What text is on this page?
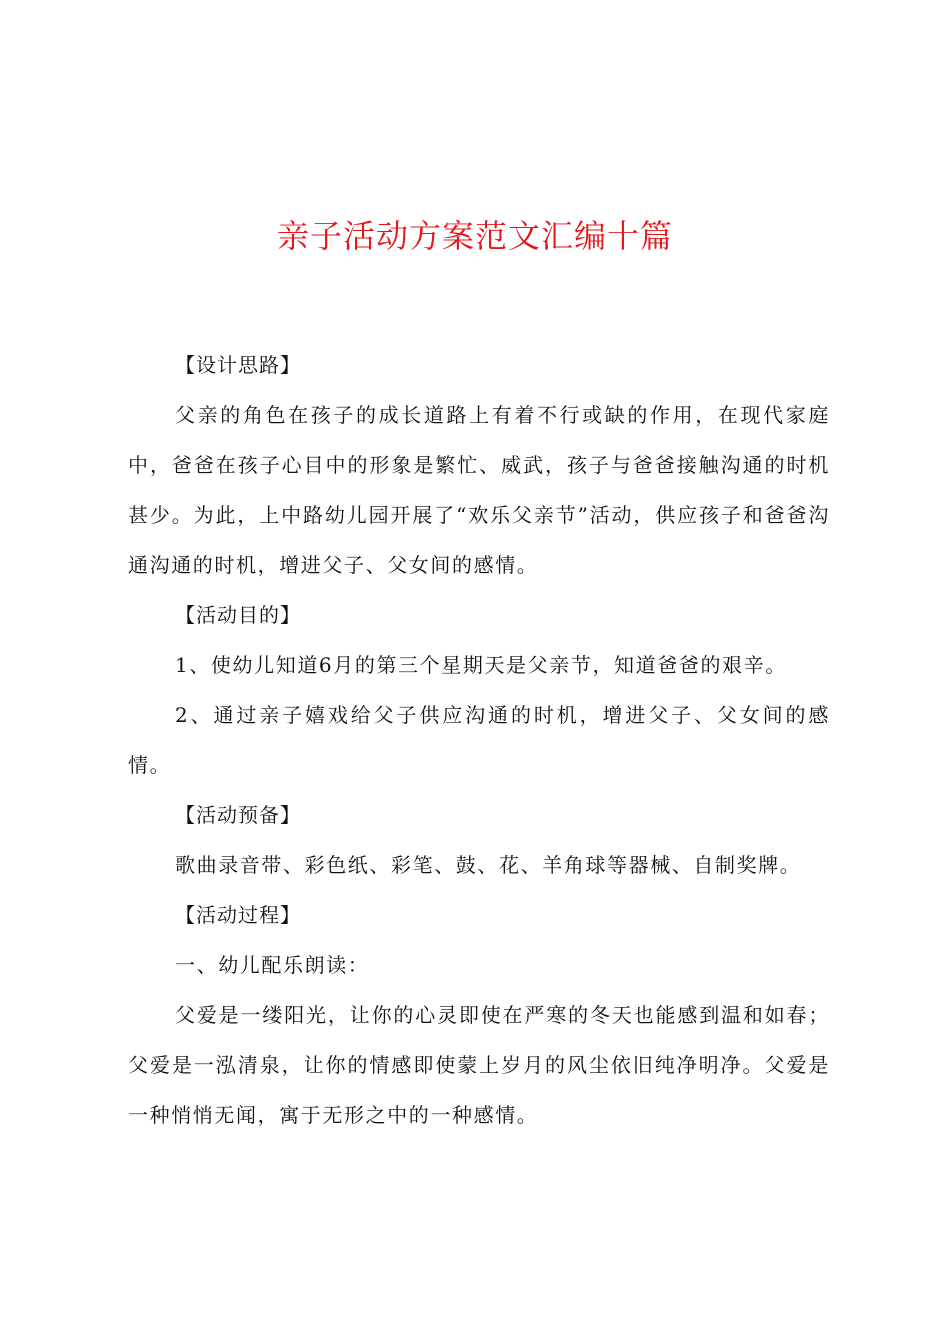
亲子活动方案范文汇编十篇

【设计思路】

父亲的角色在孩子的成长道路上有着不行或缺的作用，在现代家庭中，爸爸在孩子心目中的形象是繁忙、威武，孩子与爸爸接触沟通的时机甚少。为此，上中路幼儿园开展了“欢乐父亲节”活动，供应孩子和爸爸沟通沟通的时机，增进父子、父女间的感情。

【活动目的】

1、使幼儿知道6月的第三个星期天是父亲节，知道爸爸的艰辛。

2、通过亲子嬉戏给父子供应沟通的时机，增进父子、父女间的感情。

【活动预备】

歌曲录音带、彩色纸、彩笔、鼓、花、羊角球等器械、自制奖牌。

【活动过程】

一、幼儿配乐朗读：

父爱是一缕阳光，让你的心灵即使在严寒的冬天也能感到温和如春；父爱是一泓清泉，让你的情感即使蒙上岁月的风尘依旧纯净明净。父爱是一种悄悄无闻，寓于无形之中的一种感情。
